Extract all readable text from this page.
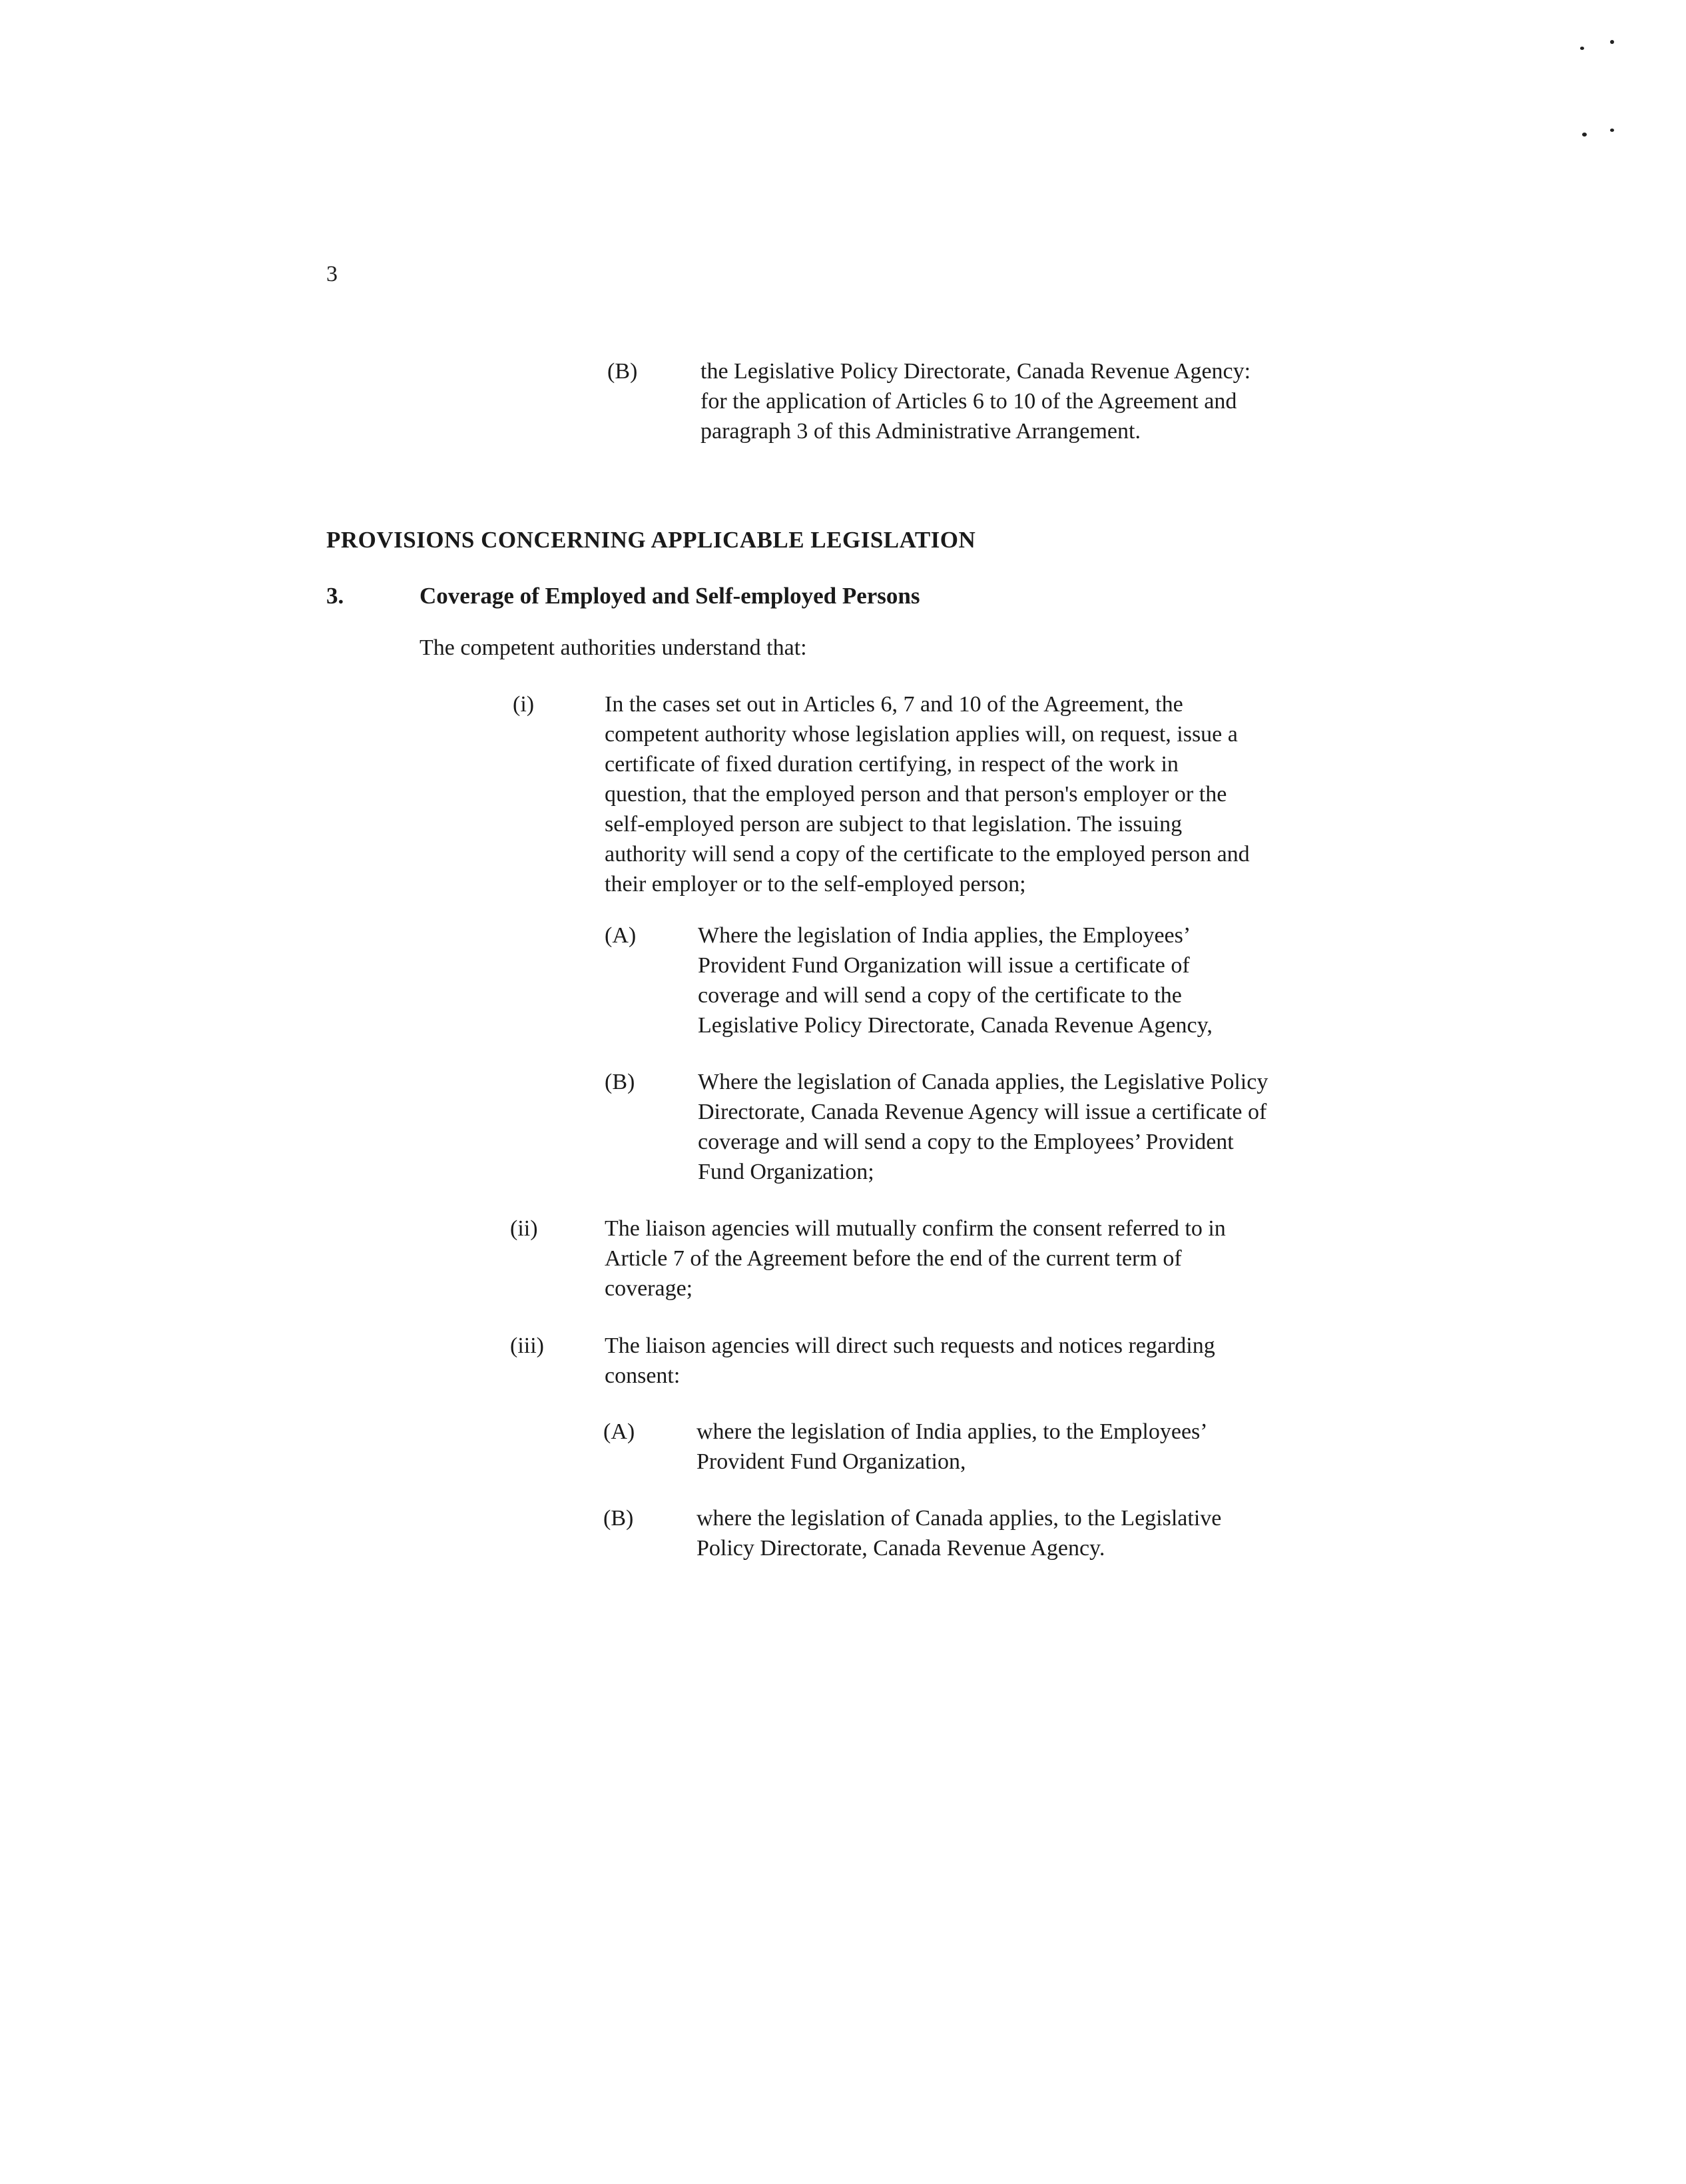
3
(B)	the Legislative Policy Directorate, Canada Revenue Agency:
for the application of Articles 6 to 10 of the Agreement and
paragraph 3 of this Administrative Arrangement.
PROVISIONS CONCERNING APPLICABLE LEGISLATION
3.	Coverage of Employed and Self-employed Persons
The competent authorities understand that:
(i)	In the cases set out in Articles 6, 7 and 10 of the Agreement, the
competent authority whose legislation applies will, on request, issue a
certificate of fixed duration certifying, in respect of the work in
question, that the employed person and that person's employer or the
self-employed person are subject to that legislation. The issuing
authority will send a copy of the certificate to the employed person and
their employer or to the self-employed person;
(A)	Where the legislation of India applies, the Employees’
Provident Fund Organization will issue a certificate of
coverage and will send a copy of the certificate to the
Legislative Policy Directorate, Canada Revenue Agency,
(B)	Where the legislation of Canada applies, the Legislative Policy
Directorate, Canada Revenue Agency will issue a certificate of
coverage and will send a copy to the Employees’ Provident
Fund Organization;
(ii)	The liaison agencies will mutually confirm the consent referred to in
Article 7 of the Agreement before the end of the current term of
coverage;
(iii)	The liaison agencies will direct such requests and notices regarding
consent:
(A)	where the legislation of India applies, to the Employees’
Provident Fund Organization,
(B)	where the legislation of Canada applies, to the Legislative
Policy Directorate, Canada Revenue Agency.
